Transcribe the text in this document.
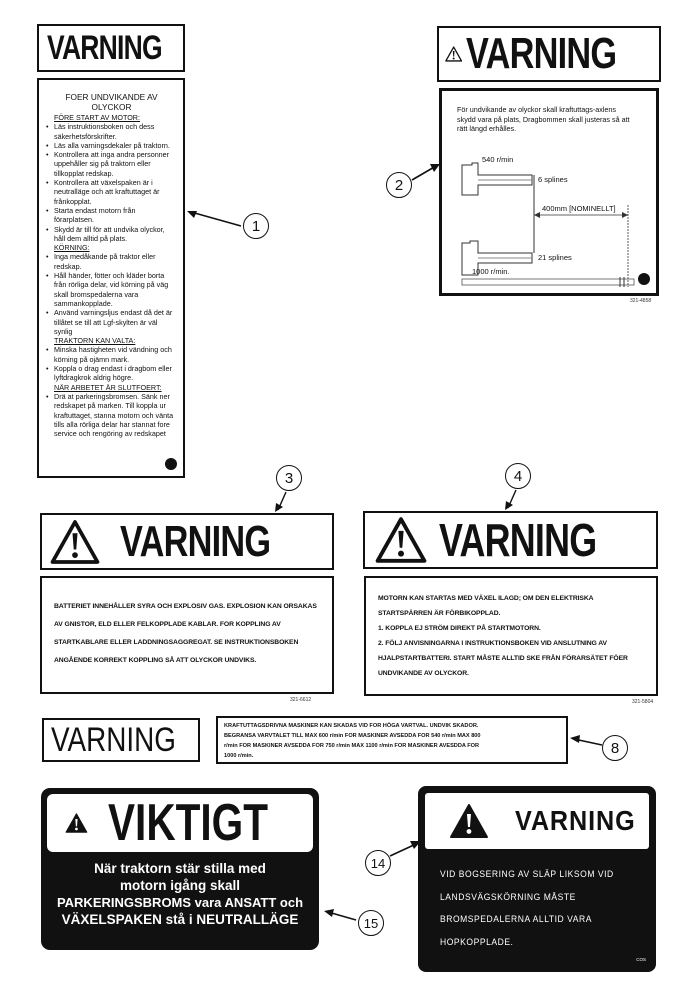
VARNING
FOER UNDVIKANDE AV OLYCKOR
FÖRE START AV MOTOR:
• Läs instruktionsboken och dess säkerhetsförskrifter.
• Läs alla varningsdekaler på traktorn.
• Kontrollera att inga andra personner uppehåller sig på traktorn eller tillkopplat redskap.
• Kontrollera att växelspaken är i neutralläge och att kraftuttaget är frånkopplat.
• Starta endast motorn från förarplatsen.
• Skydd är till för att undvika olyckor, håll dem alltid på plats.
KÖRNING:
• Inga medåkande på traktor eller redskap.
• Håll händer, fötter och kläder borta från rörliga delar, vid körning på väg skall bromspedalerna vara sammankopplade.
• Använd varningsljus endast då det är tillåtet se till att Lgf-skylten är väl synlig
TRAKTORN KAN VALTA:
• Minska hastigheten vid vändning och körning på ojämn mark.
• Koppla o drag endast i dragbom eller lyftdragkrok aldrig högre.
NÄR ARBETET ÄR SLUTFOERT:
• Drä at parkeringsbromsen. Sänk ner redskapet på marken. Till koppla ur kraftuttaget, stanna motorn och vänta tills alla rörliga delar har stannat fore service och rengöring av redskapet
1
VARNING
För undvikande av olyckor skall kraftuttags-axlens skydd vara på plats, Dragbommen skall justeras så att rätt längd erhålles.
540 r/min
6 splines
400mm [NOMINELLT]
21 splines
1000 r/min.
321-4858
2
3
VARNING
BATTERIET INNEHÅLLER SYRA OCH EXPLOSIV GAS. EXPLOSION KAN ORSAKAS
AV GNISTOR, ELD ELLER FELKOPPLADE KABLAR. FOR KOPPLING AV
STARTKABLARE ELLER LADDNINGSAGGREGAT. SE INSTRUKTIONSBOKEN
ANGÅENDE KORREKT KOPPLING SÅ ATT OLYCKOR UNDVIKS.
321-6612
4
VARNING
MOTORN KAN STARTAS MED VÄXEL ILAGD; OM DEN ELEKTRISKA
STARTSPÄRREN ÄR FÖRBIKOPPLAD.
1. KOPPLA EJ STRÖM DIREKT PÅ STARTMOTORN.
2. FÖLJ ANVISNINGARNA I INSTRUKTIONSBOKEN VID ANSLUTNING AV
HJALPSTARTBATTERI. START MÅSTE ALLTID SKE FRÅN FÖRARSÄTET FÖER
UNDVIKANDE AV OLYCKOR.
321-5804
VARNING	KRAFTUTTAGSDRIVNA MASKINER KAN SKADAS VID FOR HÖGA VARTVAL. UNDVIK SKADOR.
BEGRANSA VARVTALET TILL MAX 600 r/min FOR MASKINER AVSEDDA FOR 540 r/min MAX 800
r/min FOR MASKINER AVSEDDA FOR 750 r/min MAX 1100 r/min FOR MASKINER AVESDDA FOR
1000 r/min.	8
VIKTIGT
När traktorn stär stilla med
motorn igång skall
PARKERINGSBROMS vara ANSATT och
VÄXELSPAKEN stå i NEUTRALLÄGE	15
14
VARNING
VID BOGSERING AV SLÄP LIKSOM VID
LANDSVÄGSKÖRNING MÅSTE
BROMSPEDALERNA ALLTID VARA
HOPKOPPLADE.
COS
